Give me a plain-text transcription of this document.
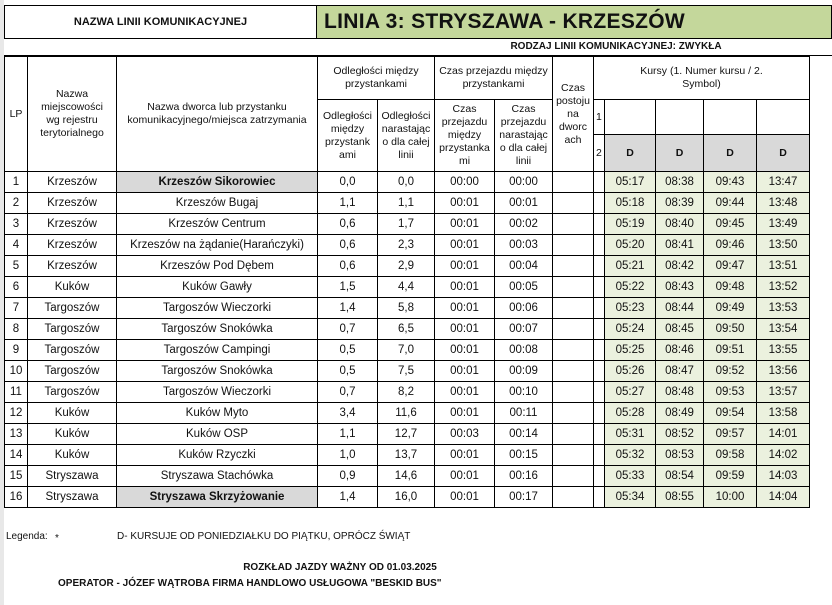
NAZWA LINII KOMUNIKACYJNEJ	LINIA 3: STRYSZAWA - KRZESZÓW
RODZAJ LINII KOMUNIKACYJNEJ: ZWYKŁA
LP	Nazwa miejscowości wg rejestru terytorialnego	Nazwa dworca lub przystanku komunikacyjnego/miejsca zatrzymania	Odległości między przystankami		Czas przejazdu między przystankami		Czas postoju na dworc ach	Kursy (1. Numer kursu / 2. Symbol)				
			Odległości między przystank ami	Odległości narastając o dla całej linii	Czas przejazdu między przystanka mi	Czas przejazdu narastając o dla całej linii		1				
								2	D	D	D	D
1	Krzeszów	Krzeszów Sikorowiec	0,0	0,0	00:00	00:00			05:17	08:38	09:43	13:47
2	Krzeszów	Krzeszów Bugaj	1,1	1,1	00:01	00:01			05:18	08:39	09:44	13:48
3	Krzeszów	Krzeszów Centrum	0,6	1,7	00:01	00:02			05:19	08:40	09:45	13:49
4	Krzeszów	Krzeszów na żądanie(Harańczyki)	0,6	2,3	00:01	00:03			05:20	08:41	09:46	13:50
5	Krzeszów	Krzeszów Pod Dębem	0,6	2,9	00:01	00:04			05:21	08:42	09:47	13:51
6	Kuków	Kuków Gawły	1,5	4,4	00:01	00:05			05:22	08:43	09:48	13:52
7	Targoszów	Targoszów Wieczorki	1,4	5,8	00:01	00:06			05:23	08:44	09:49	13:53
8	Targoszów	Targoszów Snokówka	0,7	6,5	00:01	00:07			05:24	08:45	09:50	13:54
9	Targoszów	Targoszów Campingi	0,5	7,0	00:01	00:08			05:25	08:46	09:51	13:55
10	Targoszów	Targoszów Snokówka	0,5	7,5	00:01	00:09			05:26	08:47	09:52	13:56
11	Targoszów	Targoszów Wieczorki	0,7	8,2	00:01	00:10			05:27	08:48	09:53	13:57
12	Kuków	Kuków Myto	3,4	11,6	00:01	00:11			05:28	08:49	09:54	13:58
13	Kuków	Kuków OSP	1,1	12,7	00:03	00:14			05:31	08:52	09:57	14:01
14	Kuków	Kuków Rzyczki	1,0	13,7	00:01	00:15			05:32	08:53	09:58	14:02
15	Stryszawa	Stryszawa Stachówka	0,9	14,6	00:01	00:16			05:33	08:54	09:59	14:03
16	Stryszawa	Stryszawa Skrzyżowanie	1,4	16,0	00:01	00:17			05:34	08:55	10:00	14:04
Legenda: *	D- KURSUJE OD PONIEDZIAŁKU DO PIĄTKU, OPRÓCZ ŚWIĄT
ROZKŁAD JAZDY WAŻNY OD 01.03.2025
OPERATOR - JÓZEF WĄTROBA FIRMA HANDLOWO USŁUGOWA "BESKID BUS"
